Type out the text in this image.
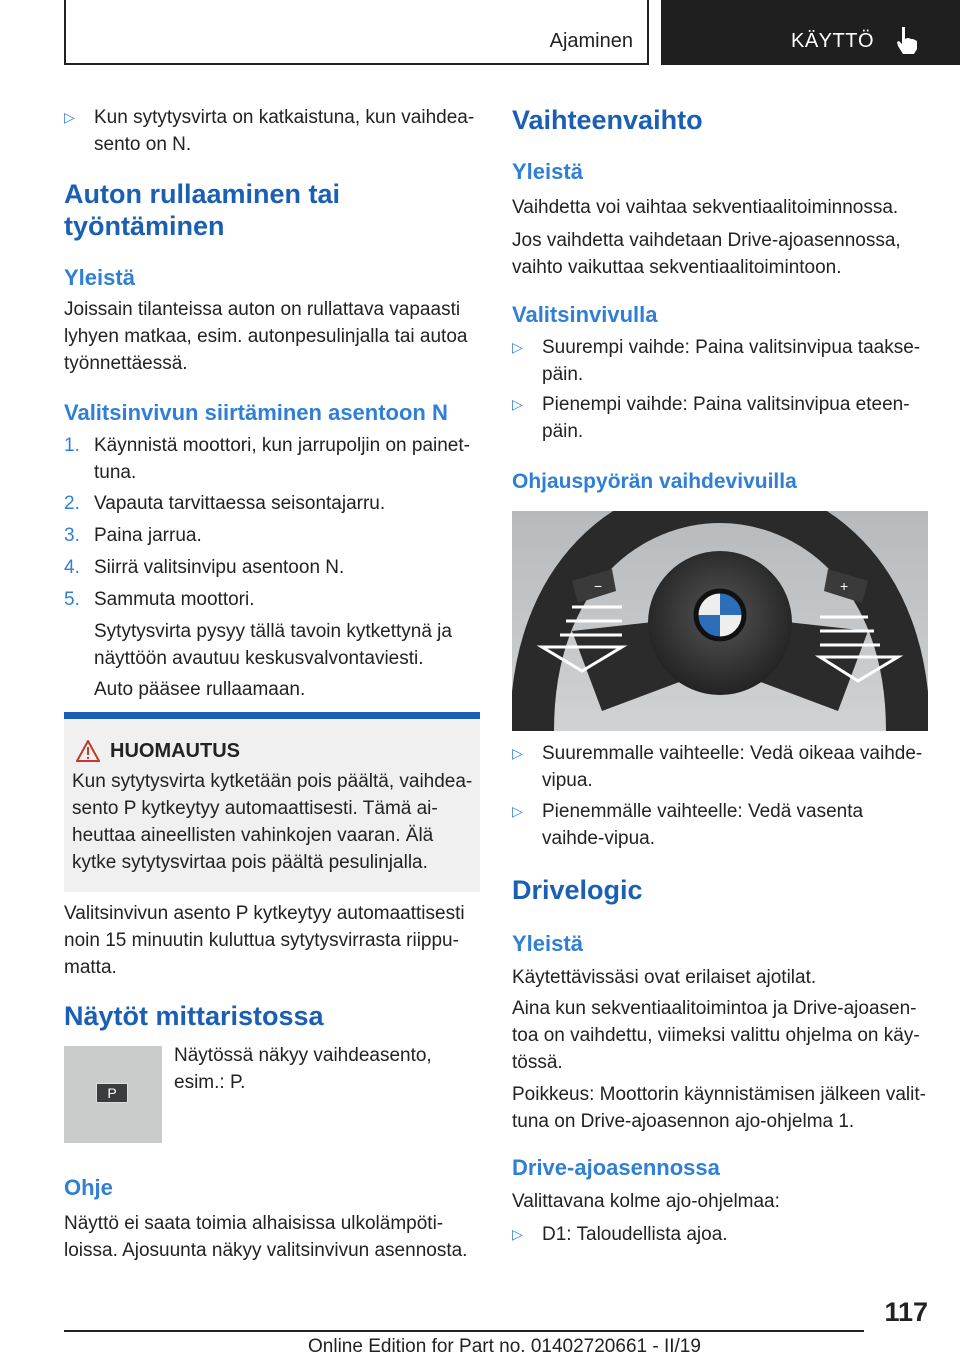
Ajaminen	KÄYTTÖ
▷ Kun sytytysvirta on katkaistuna, kun vaihdea‐sento on N.
Auton rullaaminen tai työntäminen
Yleistä
Joissain tilanteissa auton on rullattava vapaasti lyhyen matkaa, esim. autonpesulinjalla tai autoa työnnettäessä.
Valitsinvivun siirtäminen asentoon N
1. Käynnistä moottori, kun jarrupoljin on painet‐tuna.
2. Vapauta tarvittaessa seisontajarru.
3. Paina jarrua.
4. Siirrä valitsinvipu asentoon N.
5. Sammuta moottori.
Sytytysvirta pysyy tällä tavoin kytkettynä ja näyttöön avautuu keskusvalvontaviesti.
Auto pääsee rullaamaan.
HUOMAUTUS
Kun sytytysvirta kytketään pois päältä, vaihdea‐sento P kytkeytyy automaattisesti. Tämä ai‐heuttaa aineellisten vahinkojen vaaran. Älä kytke sytytysvirtaa pois päältä pesulinjalla.
Valitsinvivun asento P kytkeytyy automaattisesti noin 15 minuutin kuluttua sytytysvirrasta riippu‐matta.
Näytöt mittaristossa
P
Näytössä näkyy vaihdeasento, esim.: P.
Ohje
Näyttö ei saata toimia alhaisissa ulkolämpöti‐loissa. Ajosuunta näkyy valitsinvivun asennosta.
Vaihteenvaihto
Yleistä
Vaihdetta voi vaihtaa sekventiaalitoiminnossa.
Jos vaihdetta vaihdetaan Drive-ajoasennossa, vaihto vaikuttaa sekventiaalitoimintoon.
Valitsinvivulla
▷ Suurempi vaihde: Paina valitsinvipua taakse‐päin.
▷ Pienempi vaihde: Paina valitsinvipua eteen‐päin.
Ohjauspyörän vaihdevivuilla
−	+
▷ Suuremmalle vaihteelle: Vedä oikeaa vaihde‐vipua.
▷ Pienemmälle vaihteelle: Vedä vasenta vaihde‐vipua.
Drivelogic
Yleistä
Käytettävissäsi ovat erilaiset ajotilat.
Aina kun sekventiaalitoimintoa ja Drive-ajoasen‐toa on vaihdettu, viimeksi valittu ohjelma on käy‐tössä.
Poikkeus: Moottorin käynnistämisen jälkeen valit‐tuna on Drive-ajoasennon ajo-ohjelma 1.
Drive-ajoasennossa
Valittavana kolme ajo-ohjelmaa:
▷ D1: Taloudellista ajoa.
117
Online Edition for Part no. 01402720661 - II/19
